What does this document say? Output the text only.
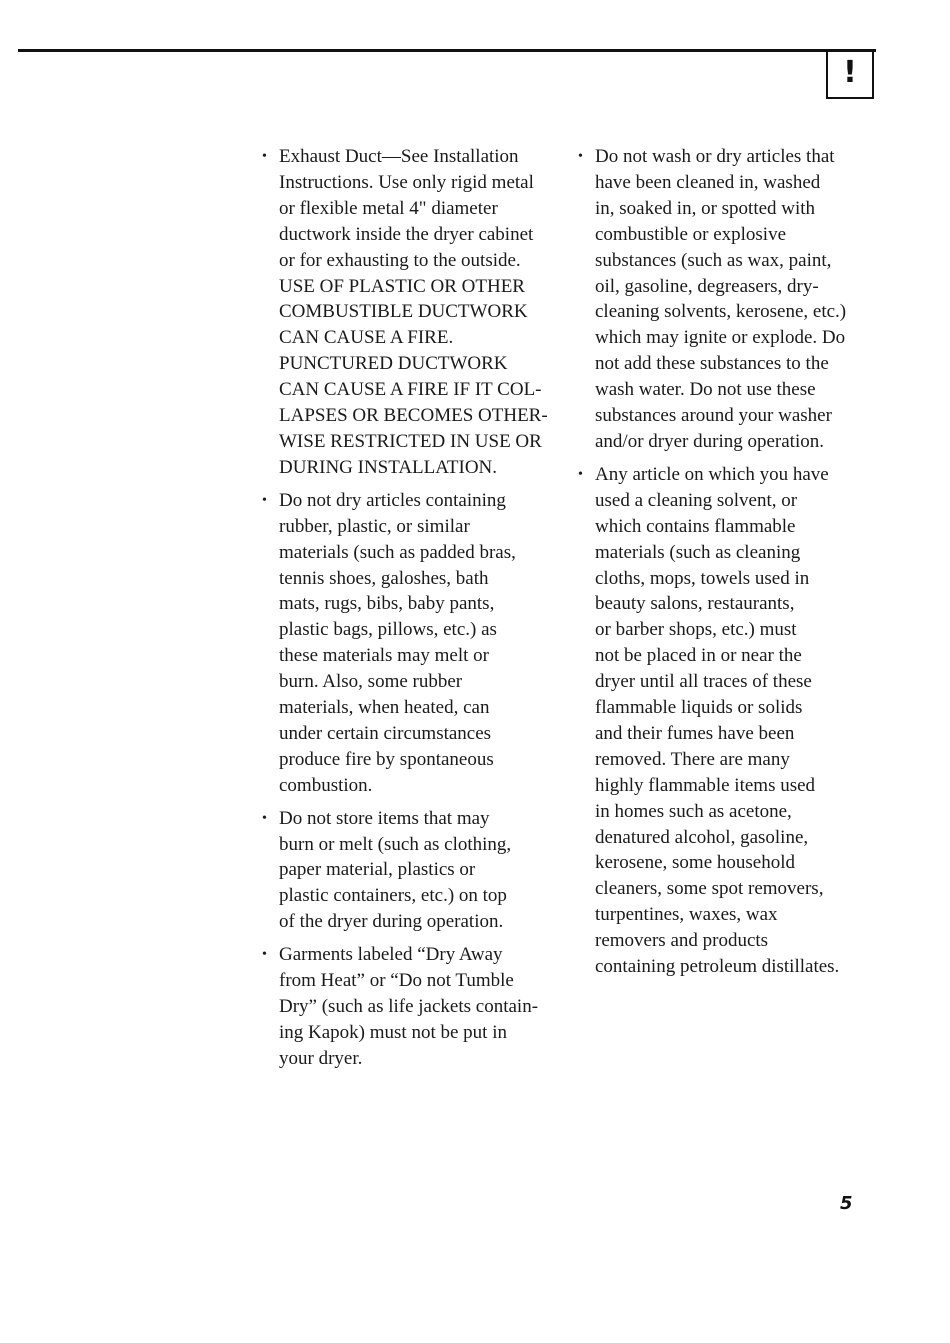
!
• Exhaust Duct—See Installation
Instructions. Use only rigid metal
or flexible metal 4" diameter
ductwork inside the dryer cabinet
or for exhausting to the outside.
USE OF PLASTIC OR OTHER
COMBUSTIBLE DUCTWORK
CAN CAUSE A FIRE.
PUNCTURED DUCTWORK
CAN CAUSE A FIRE IF IT COL-
LAPSES OR BECOMES OTHER-
WISE RESTRICTED IN USE OR
DURING INSTALLATION.
• Do not dry articles containing
rubber, plastic, or similar
materials (such as padded bras,
tennis shoes, galoshes, bath
mats, rugs, bibs, baby pants,
plastic bags, pillows, etc.) as
these materials may melt or
burn. Also, some rubber
materials, when heated, can
under certain circumstances
produce fire by spontaneous
combustion.
• Do not store items that may
burn or melt (such as clothing,
paper material, plastics or
plastic containers, etc.) on top
of the dryer during operation.
• Garments labeled “Dry Away
from Heat” or “Do not Tumble
Dry” (such as life jackets contain-
ing Kapok) must not be put in
your dryer.
• Do not wash or dry articles that
have been cleaned in, washed
in, soaked in, or spotted with
combustible or explosive
substances (such as wax, paint,
oil, gasoline, degreasers, dry-
cleaning solvents, kerosene, etc.)
which may ignite or explode. Do
not add these substances to the
wash water. Do not use these
substances around your washer
and/or dryer during operation.
• Any article on which you have
used a cleaning solvent, or
which contains flammable
materials (such as cleaning
cloths, mops, towels used in
beauty salons, restaurants,
or barber shops, etc.) must
not be placed in or near the
dryer until all traces of these
flammable liquids or solids
and their fumes have been
removed. There are many
highly flammable items used
in homes such as acetone,
denatured alcohol, gasoline,
kerosene, some household
cleaners, some spot removers,
turpentines, waxes, wax
removers and products
containing petroleum distillates.
5
